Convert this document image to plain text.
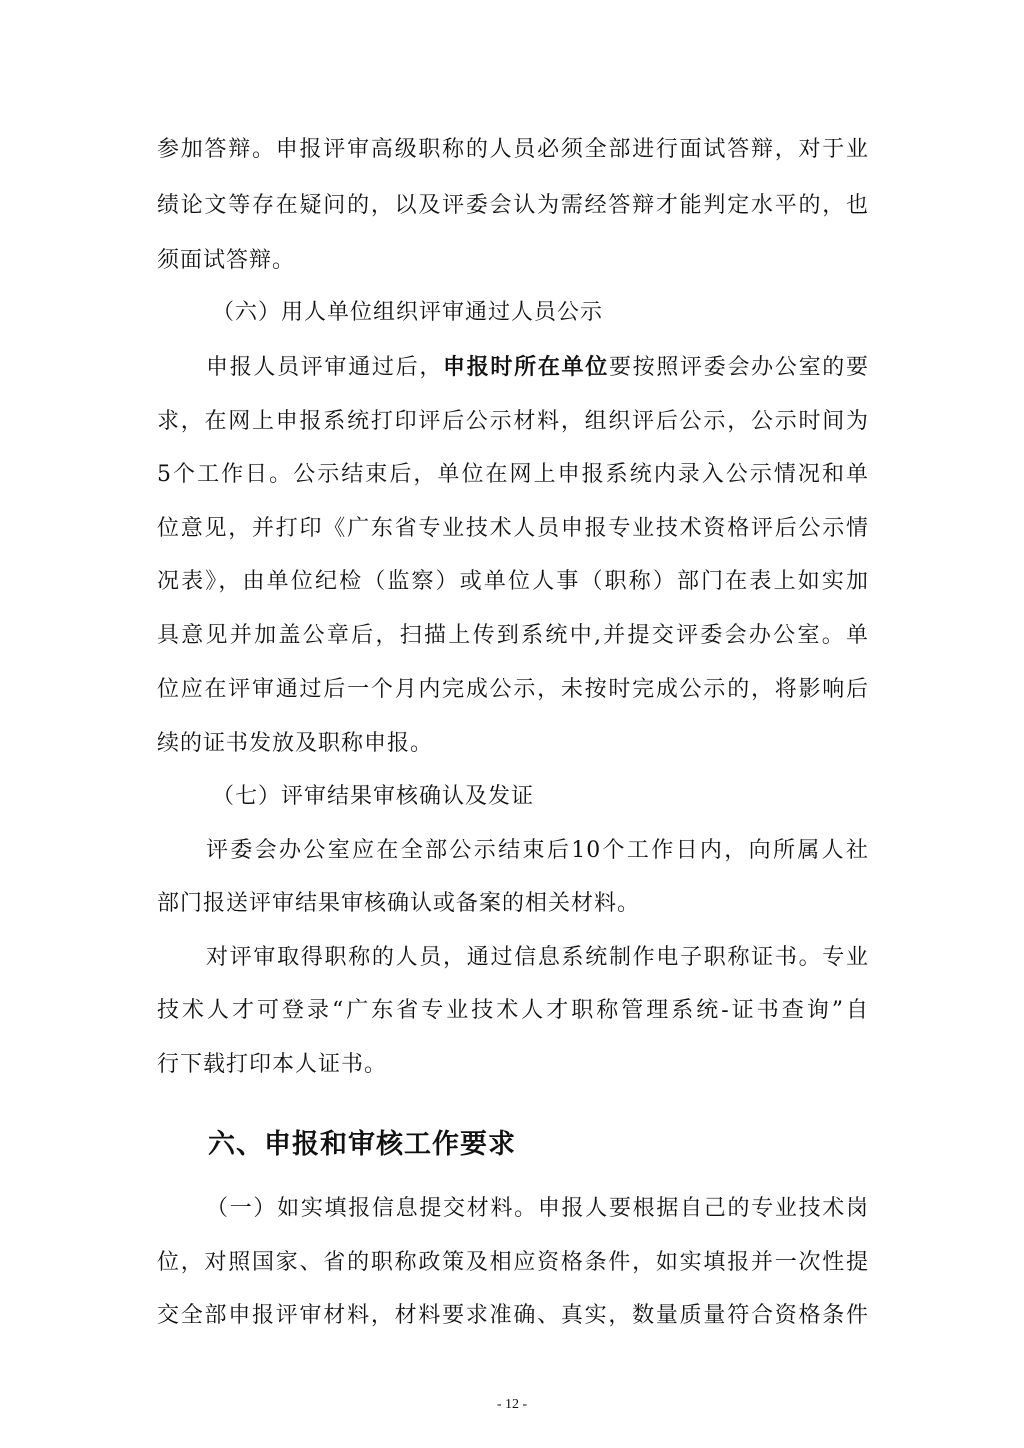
参加答辩。申报评审高级职称的人员必须全部进行面试答辩，对于业
绩论文等存在疑问的，以及评委会认为需经答辩才能判定水平的，也
须面试答辩。
（六）用人单位组织评审通过人员公示
申报人员评审通过后，申报时所在单位要按照评委会办公室的要
求，在网上申报系统打印评后公示材料，组织评后公示，公示时间为
5个工作日。公示结束后，单位在网上申报系统内录入公示情况和单
位意见，并打印《广东省专业技术人员申报专业技术资格评后公示情
况表》，由单位纪检（监察）或单位人事（职称）部门在表上如实加
具意见并加盖公章后，扫描上传到系统中,并提交评委会办公室。单
位应在评审通过后一个月内完成公示，未按时完成公示的，将影响后
续的证书发放及职称申报。
（七）评审结果审核确认及发证
评委会办公室应在全部公示结束后10个工作日内，向所属人社
部门报送评审结果审核确认或备案的相关材料。
对评审取得职称的人员，通过信息系统制作电子职称证书。专业
技术人才可登录“广东省专业技术人才职称管理系统-证书查询”自
行下载打印本人证书。
六、申报和审核工作要求
（一）如实填报信息提交材料。申报人要根据自己的专业技术岗
位，对照国家、省的职称政策及相应资格条件，如实填报并一次性提
交全部申报评审材料，材料要求准确、真实，数量质量符合资格条件
- 12 -
